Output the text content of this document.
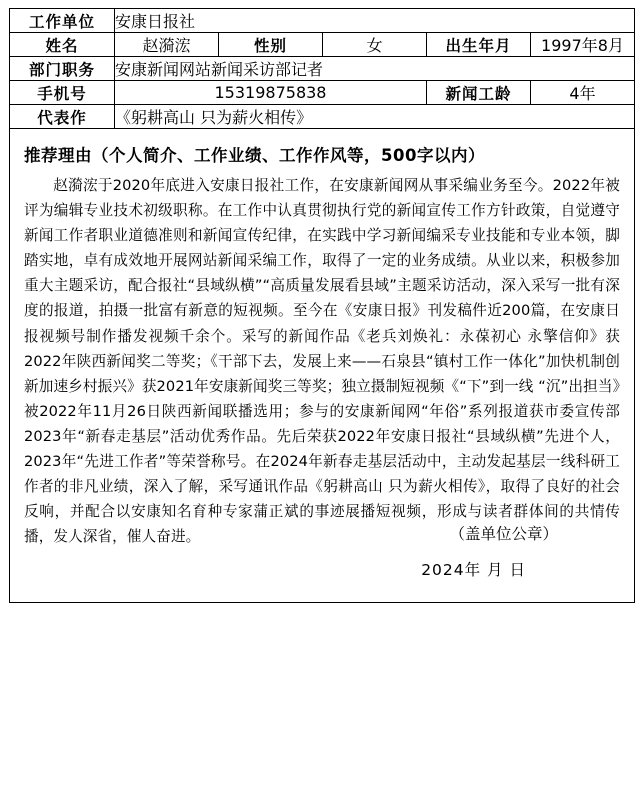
工作单位	安康日报社				
姓名	赵漪浤	性别	女	出生年月	1997年8月
部门职务	安康新闻网站新闻采访部记者				
手机号	15319875838			新闻工龄	4年
代表作	《躬耕高山 只为薪火相传》				
推荐理由（个人简介、工作业绩、工作作风等，500字以内）
赵漪浤于2020年底进入安康日报社工作，在安康新闻网从事采编业务至今。2022年被评为编辑专业技术初级职称。在工作中认真贯彻执行党的新闻宣传工作方针政策，自觉遵守新闻工作者职业道德准则和新闻宣传纪律，在实践中学习新闻编采专业技能和专业本领，脚踏实地，卓有成效地开展网站新闻采编工作，取得了一定的业务成绩。从业以来，积极参加重大主题采访，配合报社“县域纵横”“高质量发展看县域”主题采访活动，深入采写一批有深度的报道，拍摄一批富有新意的短视频。至今在《安康日报》刊发稿件近200篇，在安康日报视频号制作播发视频千余个。采写的新闻作品《老兵刘焕礼：永葆初心 永擎信仰》获2022年陕西新闻奖二等奖；《干部下去，发展上来——石泉县“镇村工作一体化”加快机制创新加速乡村振兴》获2021年安康新闻奖三等奖；独立摄制短视频《“下”到一线 “沉”出担当》被2022年11月26日陕西新闻联播选用；参与的安康新闻网“年俗”系列报道获市委宣传部2023年“新春走基层”活动优秀作品。先后荣获2022年安康日报社“县域纵横”先进个人，2023年“先进工作者”等荣誉称号。在2024年新春走基层活动中，主动发起基层一线科研工作者的非凡业绩，深入了解，采写通讯作品《躬耕高山 只为薪火相传》，取得了良好的社会反响，并配合以安康知名育种专家蒲正斌的事迹展播短视频，形成与读者群体间的共情传播，发人深省，催人奋进。	（盖单位公章）
2024年 月 日
